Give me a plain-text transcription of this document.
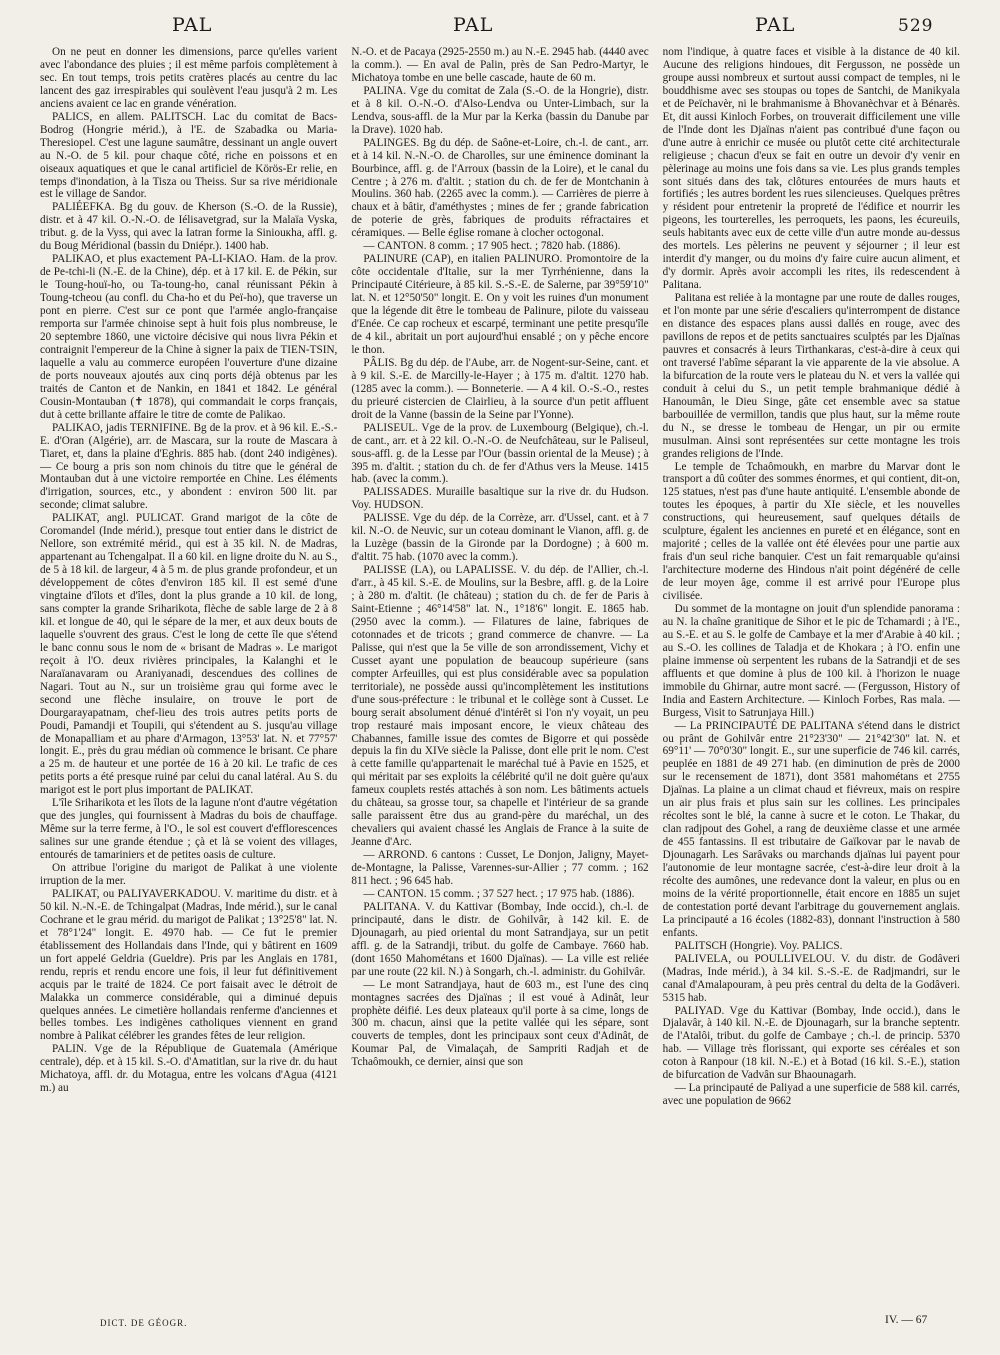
PAL	PAL	PAL	529

On ne peut en donner les dimensions, parce qu'elles varient avec l'abondance des pluies ; il est même parfois complètement à sec. En tout temps, trois petits cratères placés au centre du lac lancent des gaz irrespirables qui soulèvent l'eau jusqu'à 2 m. Les anciens avaient ce lac en grande vénération.

PALICS, en allem. PALITSCH. Lac du comitat de Bacs-Bodrog (Hongrie mérid.), à l'E. de Szabadka ou Maria-Theresiopel. C'est une lagune saumâtre, dessinant un angle ouvert au N.-O. de 5 kil. pour chaque côté, riche en poissons et en oiseaux aquatiques et que le canal artificiel de Körös-Er relie, en temps d'inondation, à la Tisza ou Theiss. Sur sa rive méridionale est le village de Sandor.

PALIÉEFKA. Bg du gouv. de Kherson (S.-O. de la Russie), distr. et à 47 kil. O.-N.-O. de Iélisavetgrad, sur la Malaïa Vyska, tribut. g. de la Vyss, qui avec la Iatran forme la Siniouкha, affl. g. du Boug Méridional (bassin du Dniépr.). 1400 hab.

PALIKAO, et plus exactement PA-LI-KIAO. Ham. de la prov. de Pe-tchi-li (N.-E. de la Chine), dép. et à 17 kil. E. de Pékin, sur le Toung-houï-ho, ou Ta-toung-ho, canal réunissant Pékin à Toung-tcheou (au confl. du Cha-ho et du Peï-ho), que traverse un pont en pierre. C'est sur ce pont que l'armée anglo-française remporta sur l'armée chinoise sept à huit fois plus nombreuse, le 20 septembre 1860, une victoire décisive qui nous livra Pékin et contraignit l'empereur de la Chine à signer la paix de TIEN-TSIN, laquelle a valu au commerce européen l'ouverture d'une dizaine de ports nouveaux ajoutés aux cinq ports déjà obtenus par les traités de Canton et de Nankin, en 1841 et 1842. Le général Cousin-Montauban (✝ 1878), qui commandait le corps français, dut à cette brillante affaire le titre de comte de Palikao.

PALIKAO, jadis TERNIFINE. Bg de la prov. et à 96 kil. E.-S.-E. d'Oran (Algérie), arr. de Mascara, sur la route de Mascara à Tiaret, et, dans la plaine d'Eghris. 885 hab. (dont 240 indigènes). — Ce bourg a pris son nom chinois du titre que le général de Montauban dut à une victoire remportée en Chine. Les éléments d'irrigation, sources, etc., y abondent : environ 500 lit. par seconde; climat salubre.

PALIKAT, angl. PULICAT. Grand marigot de la côte de Coromandel (Inde mérid.), presque tout entier dans le district de Nellore, son extrémité mérid., qui est à 35 kil. N. de Madras, appartenant au Tchengalpat. Il a 60 kil. en ligne droite du N. au S., de 5 à 18 kil. de largeur, 4 à 5 m. de plus grande profondeur, et un développement de côtes d'environ 185 kil. Il est semé d'une vingtaine d'îlots et d'îles, dont la plus grande a 10 kil. de long, sans compter la grande Sriharikota, flèche de sable large de 2 à 8 kil. et longue de 40, qui le sépare de la mer, et aux deux bouts de laquelle s'ouvrent des graus. C'est le long de cette île que s'étend le banc connu sous le nom de « brisant de Madras ». Le marigot reçoit à l'O. deux rivières principales, la Kalanghi et le Naraïanavaram ou Araniyanadi, descendues des collines de Nagari. Tout au N., sur un troisième grau qui forme avec le second une flèche insulaire, on trouve le port de Dourgarayapatnam, chef-lieu des trois autres petits ports de Poudi, Pamandji et Toupili, qui s'étendent au S. jusqu'au village de Monapalliam et au phare d'Armagon, 13°53' lat. N. et 77°57' longit. E., près du grau médian où commence le brisant. Ce phare a 25 m. de hauteur et une portée de 16 à 20 kil. Le trafic de ces petits ports a été presque ruiné par celui du canal latéral. Au S. du marigot est le port plus important de PALIKAT.

L'île Sriharikota et les îlots de la lagune n'ont d'autre végétation que des jungles, qui fournissent à Madras du bois de chauffage. Même sur la terre ferme, à l'O., le sol est couvert d'efflorescences salines sur une grande étendue ; çà et là se voient des villages, entourés de tamariniers et de petites oasis de culture.

On attribue l'origine du marigot de Palikat à une violente irruption de la mer.

PALIKAT, ou PALIYAVERKADOU. V. maritime du distr. et à 50 kil. N.-N.-E. de Tchingalpat (Madras, Inde mérid.), sur le canal Cochrane et le grau mérid. du marigot de Palikat ; 13°25'8" lat. N. et 78°1'24" longit. E. 4970 hab. — Ce fut le premier établissement des Hollandais dans l'Inde, qui y bâtirent en 1609 un fort appelé Geldria (Gueldre). Pris par les Anglais en 1781, rendu, repris et rendu encore une fois, il leur fut définitivement acquis par le traité de 1824. Ce port faisait avec le détroit de Malakka un commerce considérable, qui a diminué depuis quelques années. Le cimetière hollandais renferme d'anciennes et belles tombes. Les indigènes catholiques viennent en grand nombre à Palikat célébrer les grandes fêtes de leur religion.

PALIN. Vge de la République de Guatemala (Amérique centrale), dép. et à 15 kil. S.-O. d'Amatitlan, sur la rive dr. du haut Michatoya, affl. dr. du Motagua, entre les volcans d'Agua (4121 m.) au

N.-O. et de Pacaya (2925-2550 m.) au N.-E. 2945 hab. (4440 avec la comm.). — En aval de Palin, près de San Pedro-Martyr, le Michatoya tombe en une belle cascade, haute de 60 m.

PALINA. Vge du comitat de Zala (S.-O. de la Hongrie), distr. et à 8 kil. O.-N.-O. d'Also-Lendva ou Unter-Limbach, sur la Lendva, sous-affl. de la Mur par la Kerka (bassin du Danube par la Drave). 1020 hab.

PALINGES. Bg du dép. de Saône-et-Loire, ch.-l. de cant., arr. et à 14 kil. N.-N.-O. de Charolles, sur une éminence dominant la Bourbince, affl. g. de l'Arroux (bassin de la Loire), et le canal du Centre ; à 276 m. d'altit. ; station du ch. de fer de Montchanin à Moulins. 360 hab. (2265 avec la comm.). — Carrières de pierre à chaux et à bâtir, d'améthystes ; mines de fer ; grande fabrication de poterie de grès, fabriques de produits réfractaires et céramiques. — Belle église romane à clocher octogonal.

— CANTON. 8 comm. ; 17 905 hect. ; 7820 hab. (1886).

PALINURE (CAP), en italien PALINURO. Promontoire de la côte occidentale d'Italie, sur la mer Tyrrhénienne, dans la Principauté Citérieure, à 85 kil. S.-S.-E. de Salerne, par 39°59'10" lat. N. et 12°50'50" longit. E. On y voit les ruines d'un monument que la légende dit être le tombeau de Palinure, pilote du vaisseau d'Enée. Ce cap rocheux et escarpé, terminant une petite presqu'île de 4 kil., abritait un port aujourd'hui ensablé ; on y pêche encore le thon.

PÂLIS. Bg du dép. de l'Aube, arr. de Nogent-sur-Seine, cant. et à 9 kil. S.-E. de Marcilly-le-Hayer ; à 175 m. d'altit. 1270 hab. (1285 avec la comm.). — Bonneterie. — A 4 kil. O.-S.-O., restes du prieuré cistercien de Clairlieu, à la source d'un petit affluent droit de la Vanne (bassin de la Seine par l'Yonne).

PALISEUL. Vge de la prov. de Luxembourg (Belgique), ch.-l. de cant., arr. et à 22 kil. O.-N.-O. de Neufchâteau, sur le Paliseul, sous-affl. g. de la Lesse par l'Our (bassin oriental de la Meuse) ; à 395 m. d'altit. ; station du ch. de fer d'Athus vers la Meuse. 1415 hab. (avec la comm.).

PALISSADES. Muraille basaltique sur la rive dr. du Hudson. Voy. HUDSON.

PALISSE. Vge du dép. de la Corrèze, arr. d'Ussel, cant. et à 7 kil. N.-O. de Neuvic, sur un coteau dominant le Vianon, affl. g. de la Luzège (bassin de la Gironde par la Dordogne) ; à 600 m. d'altit. 75 hab. (1070 avec la comm.).

PALISSE (LA), ou LAPALISSE. V. du dép. de l'Allier, ch.-l. d'arr., à 45 kil. S.-E. de Moulins, sur la Besbre, affl. g. de la Loire ; à 280 m. d'altit. (le château) ; station du ch. de fer de Paris à Saint-Etienne ; 46°14'58" lat. N., 1°18'6" longit. E. 1865 hab. (2950 avec la comm.). — Filatures de laine, fabriques de cotonnades et de tricots ; grand commerce de chanvre. — La Palisse, qui n'est que la 5e ville de son arrondissement, Vichy et Cusset ayant une population de beaucoup supérieure (sans compter Arfeuilles, qui est plus considérable avec sa population territoriale), ne possède aussi qu'incomplètement les institutions d'une sous-préfecture : le tribunal et le collège sont à Cusset. Le bourg serait absolument dénué d'intérêt si l'on n'y voyait, un peu trop restauré mais imposant encore, le vieux château des Chabannes, famille issue des comtes de Bigorre et qui possède depuis la fin du XIVe siècle la Palisse, dont elle prit le nom. C'est à cette famille qu'appartenait le maréchal tué à Pavie en 1525, et qui méritait par ses exploits la célébrité qu'il ne doit guère qu'aux fameux couplets restés attachés à son nom. Les bâtiments actuels du château, sa grosse tour, sa chapelle et l'intérieur de sa grande salle paraissent être dus au grand-père du maréchal, un des chevaliers qui avaient chassé les Anglais de France à la suite de Jeanne d'Arc.

— ARROND. 6 cantons : Cusset, Le Donjon, Jaligny, Mayet-de-Montagne, la Palisse, Varennes-sur-Allier ; 77 comm. ; 162 811 hect. ; 96 645 hab.

— CANTON. 15 comm. ; 37 527 hect. ; 17 975 hab. (1886).

PALITANA. V. du Kattivar (Bombay, Inde occid.), ch.-l. de principauté, dans le distr. de Gohilvâr, à 142 kil. E. de Djounagarh, au pied oriental du mont Satrandjaya, sur un petit affl. g. de la Satrandji, tribut. du golfe de Cambaye. 7660 hab. (dont 1650 Mahométans et 1600 Djaïnas). — La ville est reliée par une route (22 kil. N.) à Songarh, ch.-l. administr. du Gohilvâr.

— Le mont Satrandjaya, haut de 603 m., est l'une des cinq montagnes sacrées des Djaïnas ; il est voué à Adinât, leur prophète déifié. Les deux plateaux qu'il porte à sa cime, longs de 300 m. chacun, ainsi que la petite vallée qui les sépare, sont couverts de temples, dont les principaux sont ceux d'Adinât, de Koumar Pal, de Vimalaçah, de Sampriti Radjah et de Tchaômoukh, ce dernier, ainsi que son

nom l'indique, à quatre faces et visible à la distance de 40 kil. Aucune des religions hindoues, dit Fergusson, ne possède un groupe aussi nombreux et surtout aussi compact de temples, ni le bouddhisme avec ses stoupas ou topes de Santchi, de Manikyala et de Peïchavèr, ni le brahmanisme à Bhovanèchvar et à Bénarès. Et, dit aussi Kinloch Forbes, on trouverait difficilement une ville de l'Inde dont les Djaïnas n'aient pas contribué d'une façon ou d'une autre à enrichir ce musée ou plutôt cette cité architecturale religieuse ; chacun d'eux se fait en outre un devoir d'y venir en pèlerinage au moins une fois dans sa vie. Les plus grands temples sont situés dans des tak, clôtures entourées de murs hauts et fortifiés ; les autres bordent les rues silencieuses. Quelques prêtres y résident pour entretenir la propreté de l'édifice et nourrir les pigeons, les tourterelles, les perroquets, les paons, les écureuils, seuls habitants avec eux de cette ville d'un autre monde au-dessus des mortels. Les pèlerins ne peuvent y séjourner ; il leur est interdit d'y manger, ou du moins d'y faire cuire aucun aliment, et d'y dormir. Après avoir accompli les rites, ils redescendent à Palitana.

Palitana est reliée à la montagne par une route de dalles rouges, et l'on monte par une série d'escaliers qu'interrompent de distance en distance des espaces plans aussi dallés en rouge, avec des pavillons de repos et de petits sanctuaires sculptés par les Djaïnas pauvres et consacrés à leurs Tirthankaras, c'est-à-dire à ceux qui ont traversé l'abîme séparant la vie apparente de la vie absolue. A la bifurcation de la route vers le plateau du N. et vers la vallée qui conduit à celui du S., un petit temple brahmanique dédié à Hanoumân, le Dieu Singe, gâte cet ensemble avec sa statue barbouillée de vermillon, tandis que plus haut, sur la même route du N., se dresse le tombeau de Hengar, un pir ou ermite musulman. Ainsi sont représentées sur cette montagne les trois grandes religions de l'Inde.

Le temple de Tchaômoukh, en marbre du Marvar dont le transport a dû coûter des sommes énormes, et qui contient, dit-on, 125 statues, n'est pas d'une haute antiquité. L'ensemble abonde de toutes les époques, à partir du XIe siècle, et les nouvelles constructions, qui heureusement, sauf quelques détails de sculpture, égalent les anciennes en pureté et en élégance, sont en majorité ; celles de la vallée ont été élevées pour une partie aux frais d'un seul riche banquier. C'est un fait remarquable qu'ainsi l'architecture moderne des Hindous n'ait point dégénéré de celle de leur moyen âge, comme il est arrivé pour l'Europe plus civilisée.

Du sommet de la montagne on jouit d'un splendide panorama : au N. la chaîne granitique de Sihor et le pic de Tchamardi ; à l'E., au S.-E. et au S. le golfe de Cambaye et la mer d'Arabie à 40 kil. ; au S.-O. les collines de Taladja et de Khokara ; à l'O. enfin une plaine immense où serpentent les rubans de la Satrandji et de ses affluents et que domine à plus de 100 kil. à l'horizon le nuage immobile du Ghirnar, autre mont sacré. — (Fergusson, History of India and Eastern Architecture. — Kinloch Forbes, Ras mala. — Burgess, Visit to Satrunjaya Hill.)

— La PRINCIPAUTÉ DE PALITANA s'étend dans le district ou prânt de Gohilvâr entre 21°23'30" — 21°42'30" lat. N. et 69°11' — 70°0'30" longit. E., sur une superficie de 746 kil. carrés, peuplée en 1881 de 49 271 hab. (en diminution de près de 2000 sur le recensement de 1871), dont 3581 mahométans et 2755 Djaïnas. La plaine a un climat chaud et fiévreux, mais on respire un air plus frais et plus sain sur les collines. Les principales récoltes sont le blé, la canne à sucre et le coton. Le Thakar, du clan radjpout des Gohel, a rang de deuxième classe et une armée de 455 fantassins. Il est tributaire de Gaïkovar par le navab de Djounagarh. Les Sarâvaks ou marchands djaïnas lui payent pour l'autonomie de leur montagne sacrée, c'est-à-dire leur droit à la récolte des aumônes, une redevance dont la valeur, en plus ou en moins de la vérité proportionnelle, était encore en 1885 un sujet de contestation porté devant l'arbitrage du gouvernement anglais. La principauté a 16 écoles (1882-83), donnant l'instruction à 580 enfants.

PALITSCH (Hongrie). Voy. PALICS.

PALIVELA, ou POULLIVELOU. V. du distr. de Godâveri (Madras, Inde mérid.), à 34 kil. S.-S.-E. de Radjmandri, sur le canal d'Amalapouram, à peu près central du delta de la Godâveri. 5315 hab.

PALIYAD. Vge du Kattivar (Bombay, Inde occid.), dans le Djalavâr, à 140 kil. N.-E. de Djounagarh, sur la branche septentr. de l'Atalôi, tribut. du golfe de Cambaye ; ch.-l. de princip. 5370 hab. — Village très florissant, qui exporte ses céréales et son coton à Ranpour (18 kil. N.-E.) et à Botad (16 kil. S.-E.), station de bifurcation de Vadvân sur Bhaounagarh.

— La principauté de Paliyad a une superficie de 588 kil. carrés, avec une population de 9662

DICT. DE GÉOGR.	IV. — 67
